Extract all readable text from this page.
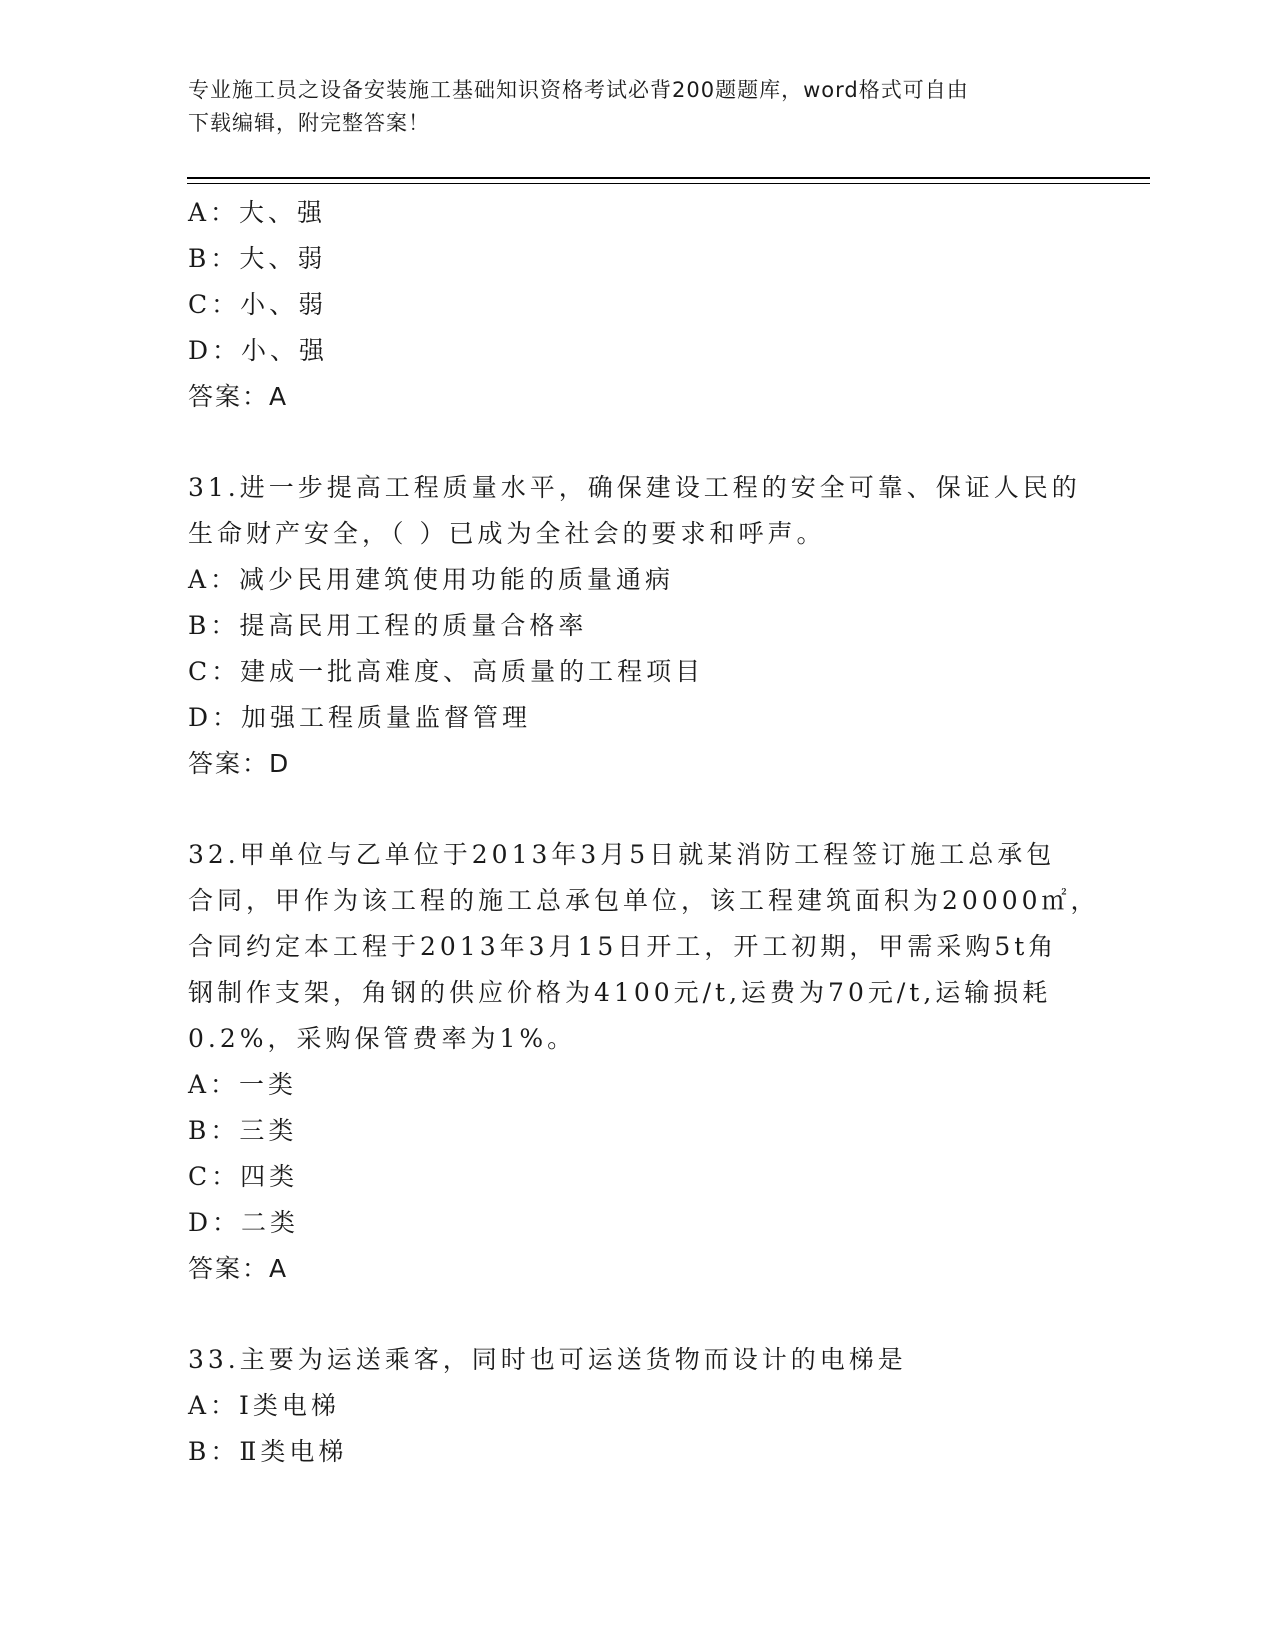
专业施工员之设备安装施工基础知识资格考试必背200题题库，word格式可自由
下载编辑，附完整答案！
A：大、强
B：大、弱
C：小、弱
D：小、强
答案：A
31.进一步提高工程质量水平，确保建设工程的安全可靠、保证人民的
生命财产安全，（ ）已成为全社会的要求和呼声。
A：减少民用建筑使用功能的质量通病
B：提高民用工程的质量合格率
C：建成一批高难度、高质量的工程项目
D：加强工程质量监督管理
答案：D
32.甲单位与乙单位于2013年3月5日就某消防工程签订施工总承包
合同，甲作为该工程的施工总承包单位，该工程建筑面积为20000㎡，
合同约定本工程于2013年3月15日开工，开工初期，甲需采购5t角
钢制作支架，角钢的供应价格为4100元/t,运费为70元/t,运输损耗
0.2%，采购保管费率为1%。
A：一类
B：三类
C：四类
D：二类
答案：A
33.主要为运送乘客，同时也可运送货物而设计的电梯是
A：Ⅰ类电梯
B：Ⅱ类电梯
